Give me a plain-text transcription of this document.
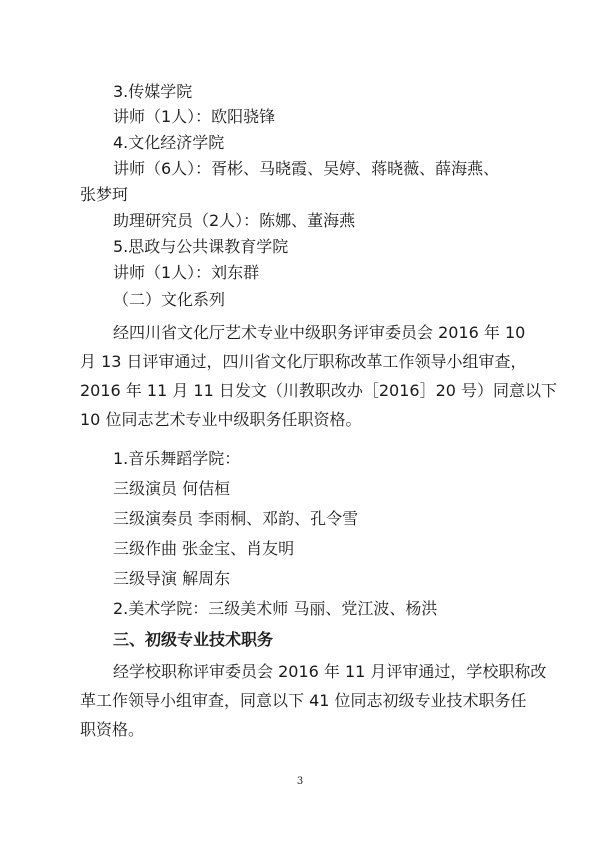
3.传媒学院
讲师（1人）：欧阳骁锋
4.文化经济学院
讲师（6人）：胥彬、马晓霞、吴婷、蒋晓薇、薛海燕、
张梦珂
助理研究员（2人）：陈娜、董海燕
5.思政与公共课教育学院
讲师（1人）：刘东群
（二）文化系列
经四川省文化厅艺术专业中级职务评审委员会 2016 年 10
月 13 日评审通过，四川省文化厅职称改革工作领导小组审查，
2016 年 11 月 11 日发文（川教职改办［2016］20 号）同意以下
10 位同志艺术专业中级职务任职资格。
1.音乐舞蹈学院：
三级演员 何佶桓
三级演奏员 李雨桐、邓韵、孔令雪
三级作曲 张金宝、肖友明
三级导演 解周东
2.美术学院：三级美术师 马丽、党江波、杨洪
三、初级专业技术职务
经学校职称评审委员会 2016 年 11 月评审通过，学校职称改
革工作领导小组审查，同意以下 41 位同志初级专业技术职务任
职资格。
3
